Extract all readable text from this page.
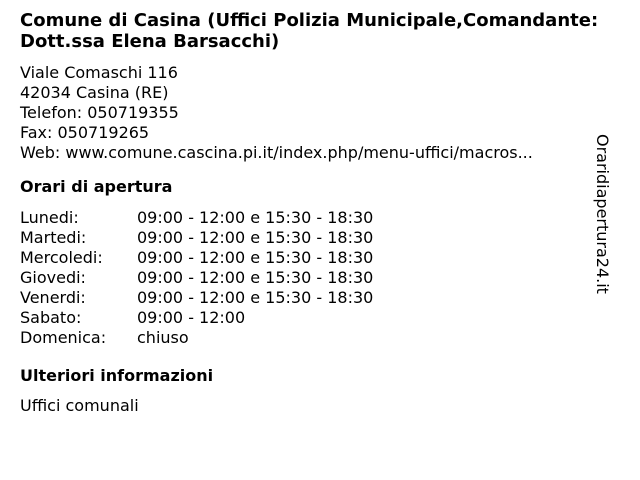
Comune di Casina (Uffici Polizia Municipale,Comandante: Dott.ssa Elena Barsacchi)
Viale Comaschi 116
42034 Casina (RE)
Telefon: 050719355
Fax: 050719265
Web: www.comune.cascina.pi.it/index.php/menu-uffici/macros...
Orari di apertura
Lunedi:	09:00 - 12:00 e 15:30 - 18:30
Martedi:	09:00 - 12:00 e 15:30 - 18:30
Mercoledi:	09:00 - 12:00 e 15:30 - 18:30
Giovedi:	09:00 - 12:00 e 15:30 - 18:30
Venerdi:	09:00 - 12:00 e 15:30 - 18:30
Sabato:	09:00 - 12:00
Domenica:	chiuso
Ulteriori informazioni
Uffici comunali
Oraridiapertura24.it
